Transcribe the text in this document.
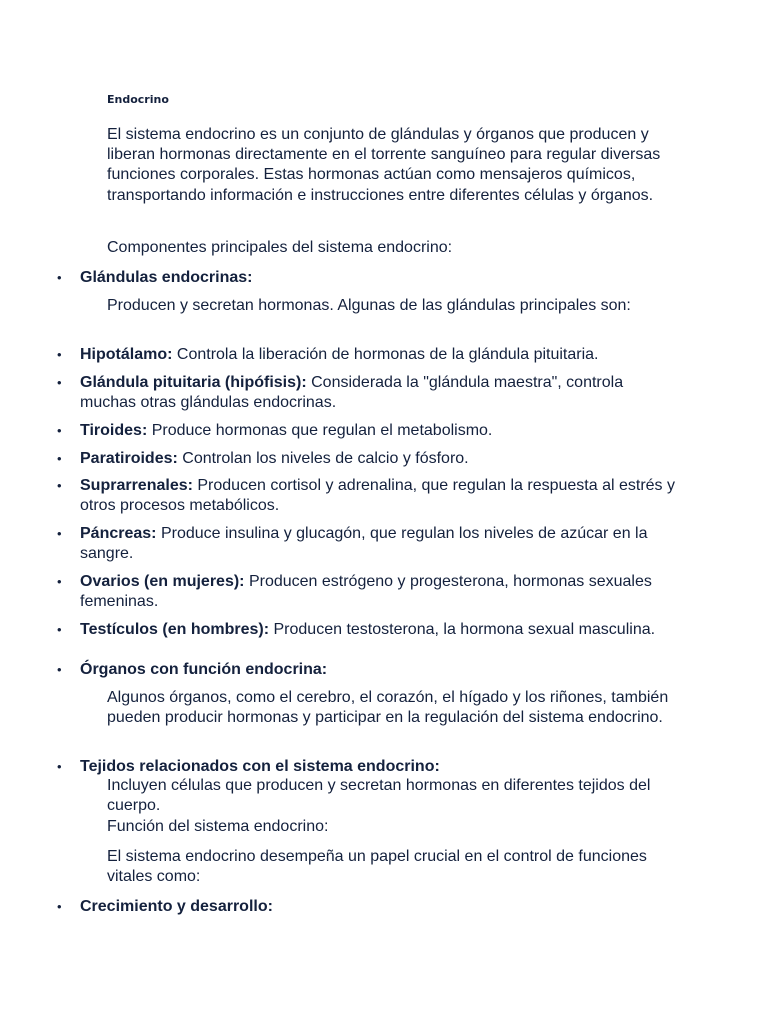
Endocrino

El sistema endocrino es un conjunto de glándulas y órganos que producen y liberan hormonas directamente en el torrente sanguíneo para regular diversas funciones corporales. Estas hormonas actúan como mensajeros químicos, transportando información e instrucciones entre diferentes células y órganos.

Componentes principales del sistema endocrino:

• Glándulas endocrinas:

Producen y secretan hormonas. Algunas de las glándulas principales son:

• Hipotálamo: Controla la liberación de hormonas de la glándula pituitaria.
• Glándula pituitaria (hipófisis): Considerada la "glándula maestra", controla muchas otras glándulas endocrinas.
• Tiroides: Produce hormonas que regulan el metabolismo.
• Paratiroides: Controlan los niveles de calcio y fósforo.
• Suprarrenales: Producen cortisol y adrenalina, que regulan la respuesta al estrés y otros procesos metabólicos.
• Páncreas: Produce insulina y glucagón, que regulan los niveles de azúcar en la sangre.
• Ovarios (en mujeres): Producen estrógeno y progesterona, hormonas sexuales femeninas.
• Testículos (en hombres): Producen testosterona, la hormona sexual masculina.
• Órganos con función endocrina:

Algunos órganos, como el cerebro, el corazón, el hígado y los riñones, también pueden producir hormonas y participar en la regulación del sistema endocrino.

• Tejidos relacionados con el sistema endocrino:

Incluyen células que producen y secretan hormonas en diferentes tejidos del cuerpo.

Función del sistema endocrino:

El sistema endocrino desempeña un papel crucial en el control de funciones vitales como:

• Crecimiento y desarrollo:
